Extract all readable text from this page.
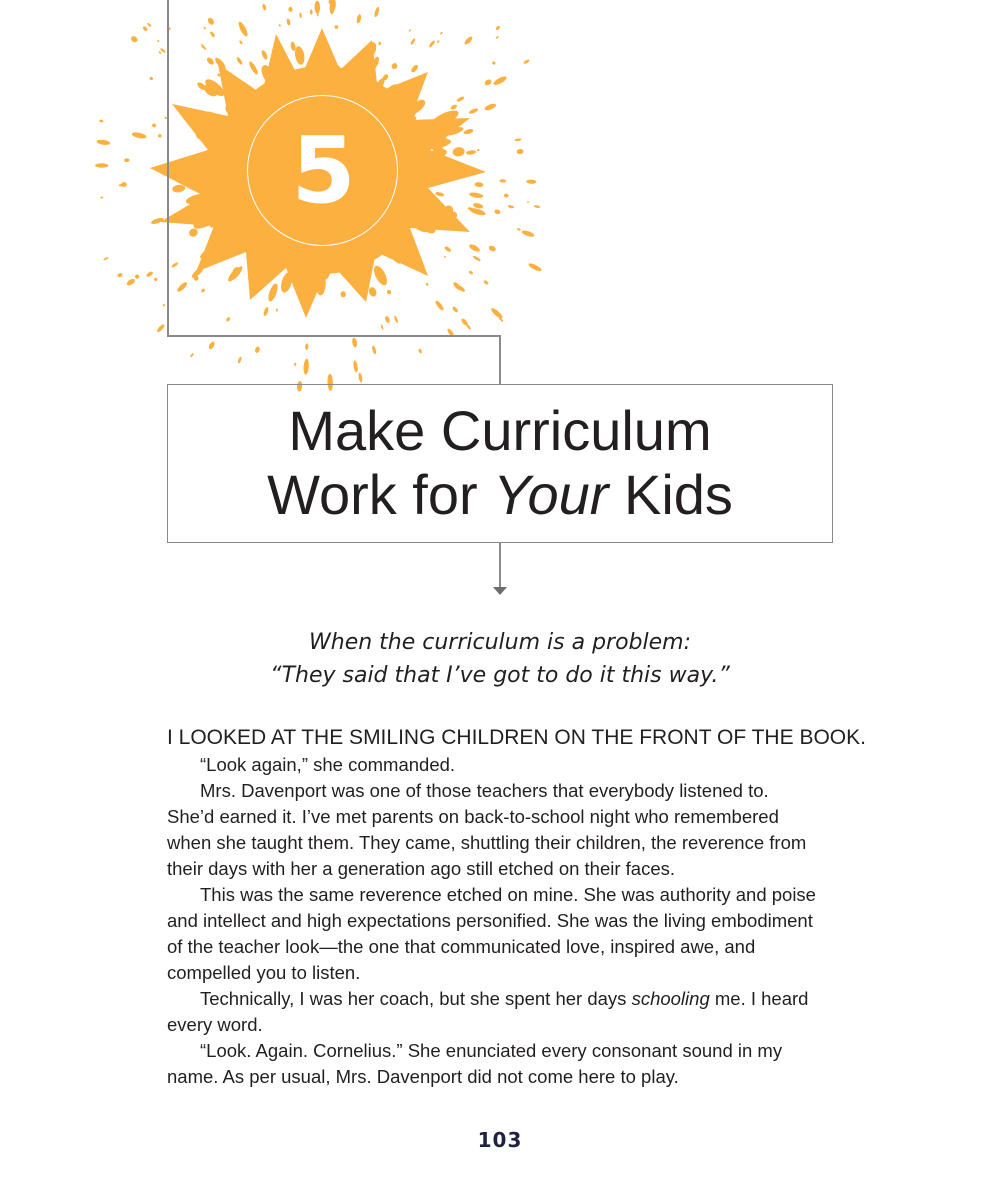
5
Make Curriculum
Work for Your Kids
When the curriculum is a problem:
“They said that I’ve got to do it this way.”
I LOOKED AT THE SMILING CHILDREN ON THE FRONT OF THE BOOK.

“Look again,” she commanded.

Mrs. Davenport was one of those teachers that everybody listened to. She’d earned it. I’ve met parents on back-to-school night who remembered when she taught them. They came, shuttling their children, the reverence from their days with her a generation ago still etched on their faces.

This was the same reverence etched on mine. She was authority and poise and intellect and high expectations personified. She was the living embodiment of the teacher look—the one that communicated love, inspired awe, and compelled you to listen.

Technically, I was her coach, but she spent her days schooling me. I heard every word.

“Look. Again. Cornelius.” She enunciated every consonant sound in my name. As per usual, Mrs. Davenport did not come here to play.

103
